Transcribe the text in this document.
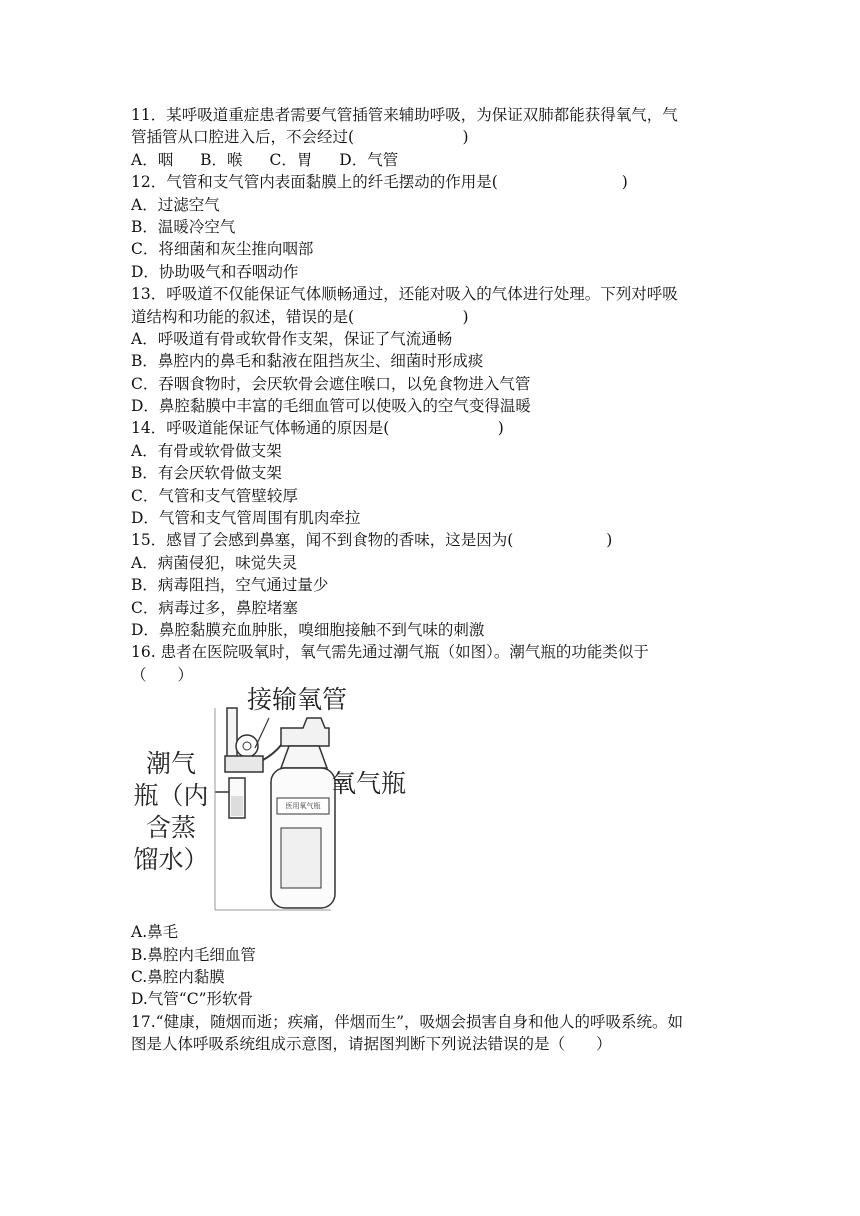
11．某呼吸道重症患者需要气管插管来辅助呼吸，为保证双肺都能获得氧气，气
管插管从口腔进入后，不会经过(　　　　　　　)
A．咽 B．喉 C．胃 D．气管
12．气管和支气管内表面黏膜上的纤毛摆动的作用是(　　　　　　　　)
A．过滤空气
B．温暖冷空气
C．将细菌和灰尘推向咽部
D．协助吸气和吞咽动作
13．呼吸道不仅能保证气体顺畅通过，还能对吸入的气体进行处理。下列对呼吸
道结构和功能的叙述，错误的是(　　　　　　　)
A．呼吸道有骨或软骨作支架，保证了气流通畅
B．鼻腔内的鼻毛和黏液在阻挡灰尘、细菌时形成痰
C．吞咽食物时，会厌软骨会遮住喉口，以免食物进入气管
D．鼻腔黏膜中丰富的毛细血管可以使吸入的空气变得温暖
14．呼吸道能保证气体畅通的原因是(　　　　　　　)
A．有骨或软骨做支架
B．有会厌软骨做支架
C．气管和支气管壁较厚
D．气管和支气管周围有肌肉牵拉
15．感冒了会感到鼻塞，闻不到食物的香味，这是因为(　　　　　　)
A．病菌侵犯，味觉失灵
B．病毒阻挡，空气通过量少
C．病毒过多，鼻腔堵塞
D．鼻腔黏膜充血肿胀，嗅细胞接触不到气味的刺激
16. 患者在医院吸氧时，氧气需先通过潮气瓶（如图）。潮气瓶的功能类似于
（　　）
接输氧管
氧气瓶
医用氧气瓶
潮气
瓶（内
含蒸
馏水）
A.鼻毛
B.鼻腔内毛细血管
C.鼻腔内黏膜
D.气管“C”形软骨
17.“健康，随烟而逝；疾痛，伴烟而生”，吸烟会损害自身和他人的呼吸系统。如
图是人体呼吸系统组成示意图，请据图判断下列说法错误的是（　　）
